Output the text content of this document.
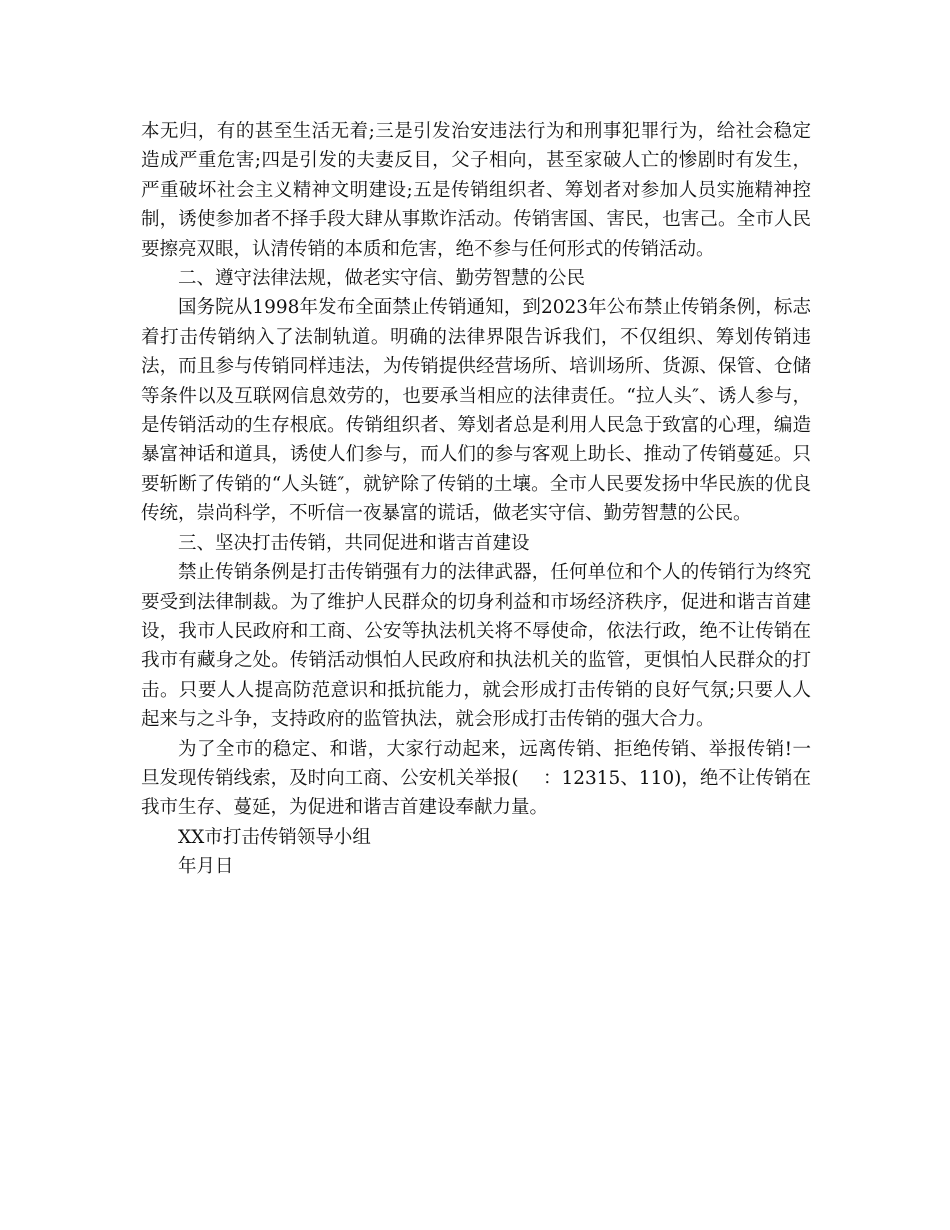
本无归，有的甚至生活无着;三是引发治安违法行为和刑事犯罪行为，给社会稳定造成严重危害;四是引发的夫妻反目，父子相向，甚至家破人亡的惨剧时有发生，严重破坏社会主义精神文明建设;五是传销组织者、筹划者对参加人员实施精神控制，诱使参加者不择手段大肆从事欺诈活动。传销害国、害民，也害己。全市人民要擦亮双眼，认清传销的本质和危害，绝不参与任何形式的传销活动。

二、遵守法律法规，做老实守信、勤劳智慧的公民

国务院从1998年发布全面禁止传销通知，到2023年公布禁止传销条例，标志着打击传销纳入了法制轨道。明确的法律界限告诉我们，不仅组织、筹划传销违法，而且参与传销同样违法，为传销提供经营场所、培训场所、货源、保管、仓储等条件以及互联网信息效劳的，也要承当相应的法律责任。“拉人头″、诱人参与，是传销活动的生存根底。传销组织者、筹划者总是利用人民急于致富的心理，编造暴富神话和道具，诱使人们参与，而人们的参与客观上助长、推动了传销蔓延。只要斩断了传销的“人头链″，就铲除了传销的土壤。全市人民要发扬中华民族的优良传统，崇尚科学，不听信一夜暴富的谎话，做老实守信、勤劳智慧的公民。

三、坚决打击传销，共同促进和谐吉首建设

禁止传销条例是打击传销强有力的法律武器，任何单位和个人的传销行为终究要受到法律制裁。为了维护人民群众的切身利益和市场经济秩序，促进和谐吉首建设，我市人民政府和工商、公安等执法机关将不辱使命，依法行政，绝不让传销在我市有藏身之处。传销活动惧怕人民政府和执法机关的监管，更惧怕人民群众的打击。只要人人提高防范意识和抵抗能力，就会形成打击传销的良好气氛;只要人人起来与之斗争，支持政府的监管执法，就会形成打击传销的强大合力。

为了全市的稳定、和谐，大家行动起来，远离传销、拒绝传销、举报传销!一旦发现传销线索，及时向工商、公安机关举报(　 ：12315、110)，绝不让传销在我市生存、蔓延，为促进和谐吉首建设奉献力量。

XX市打击传销领导小组

年月日
